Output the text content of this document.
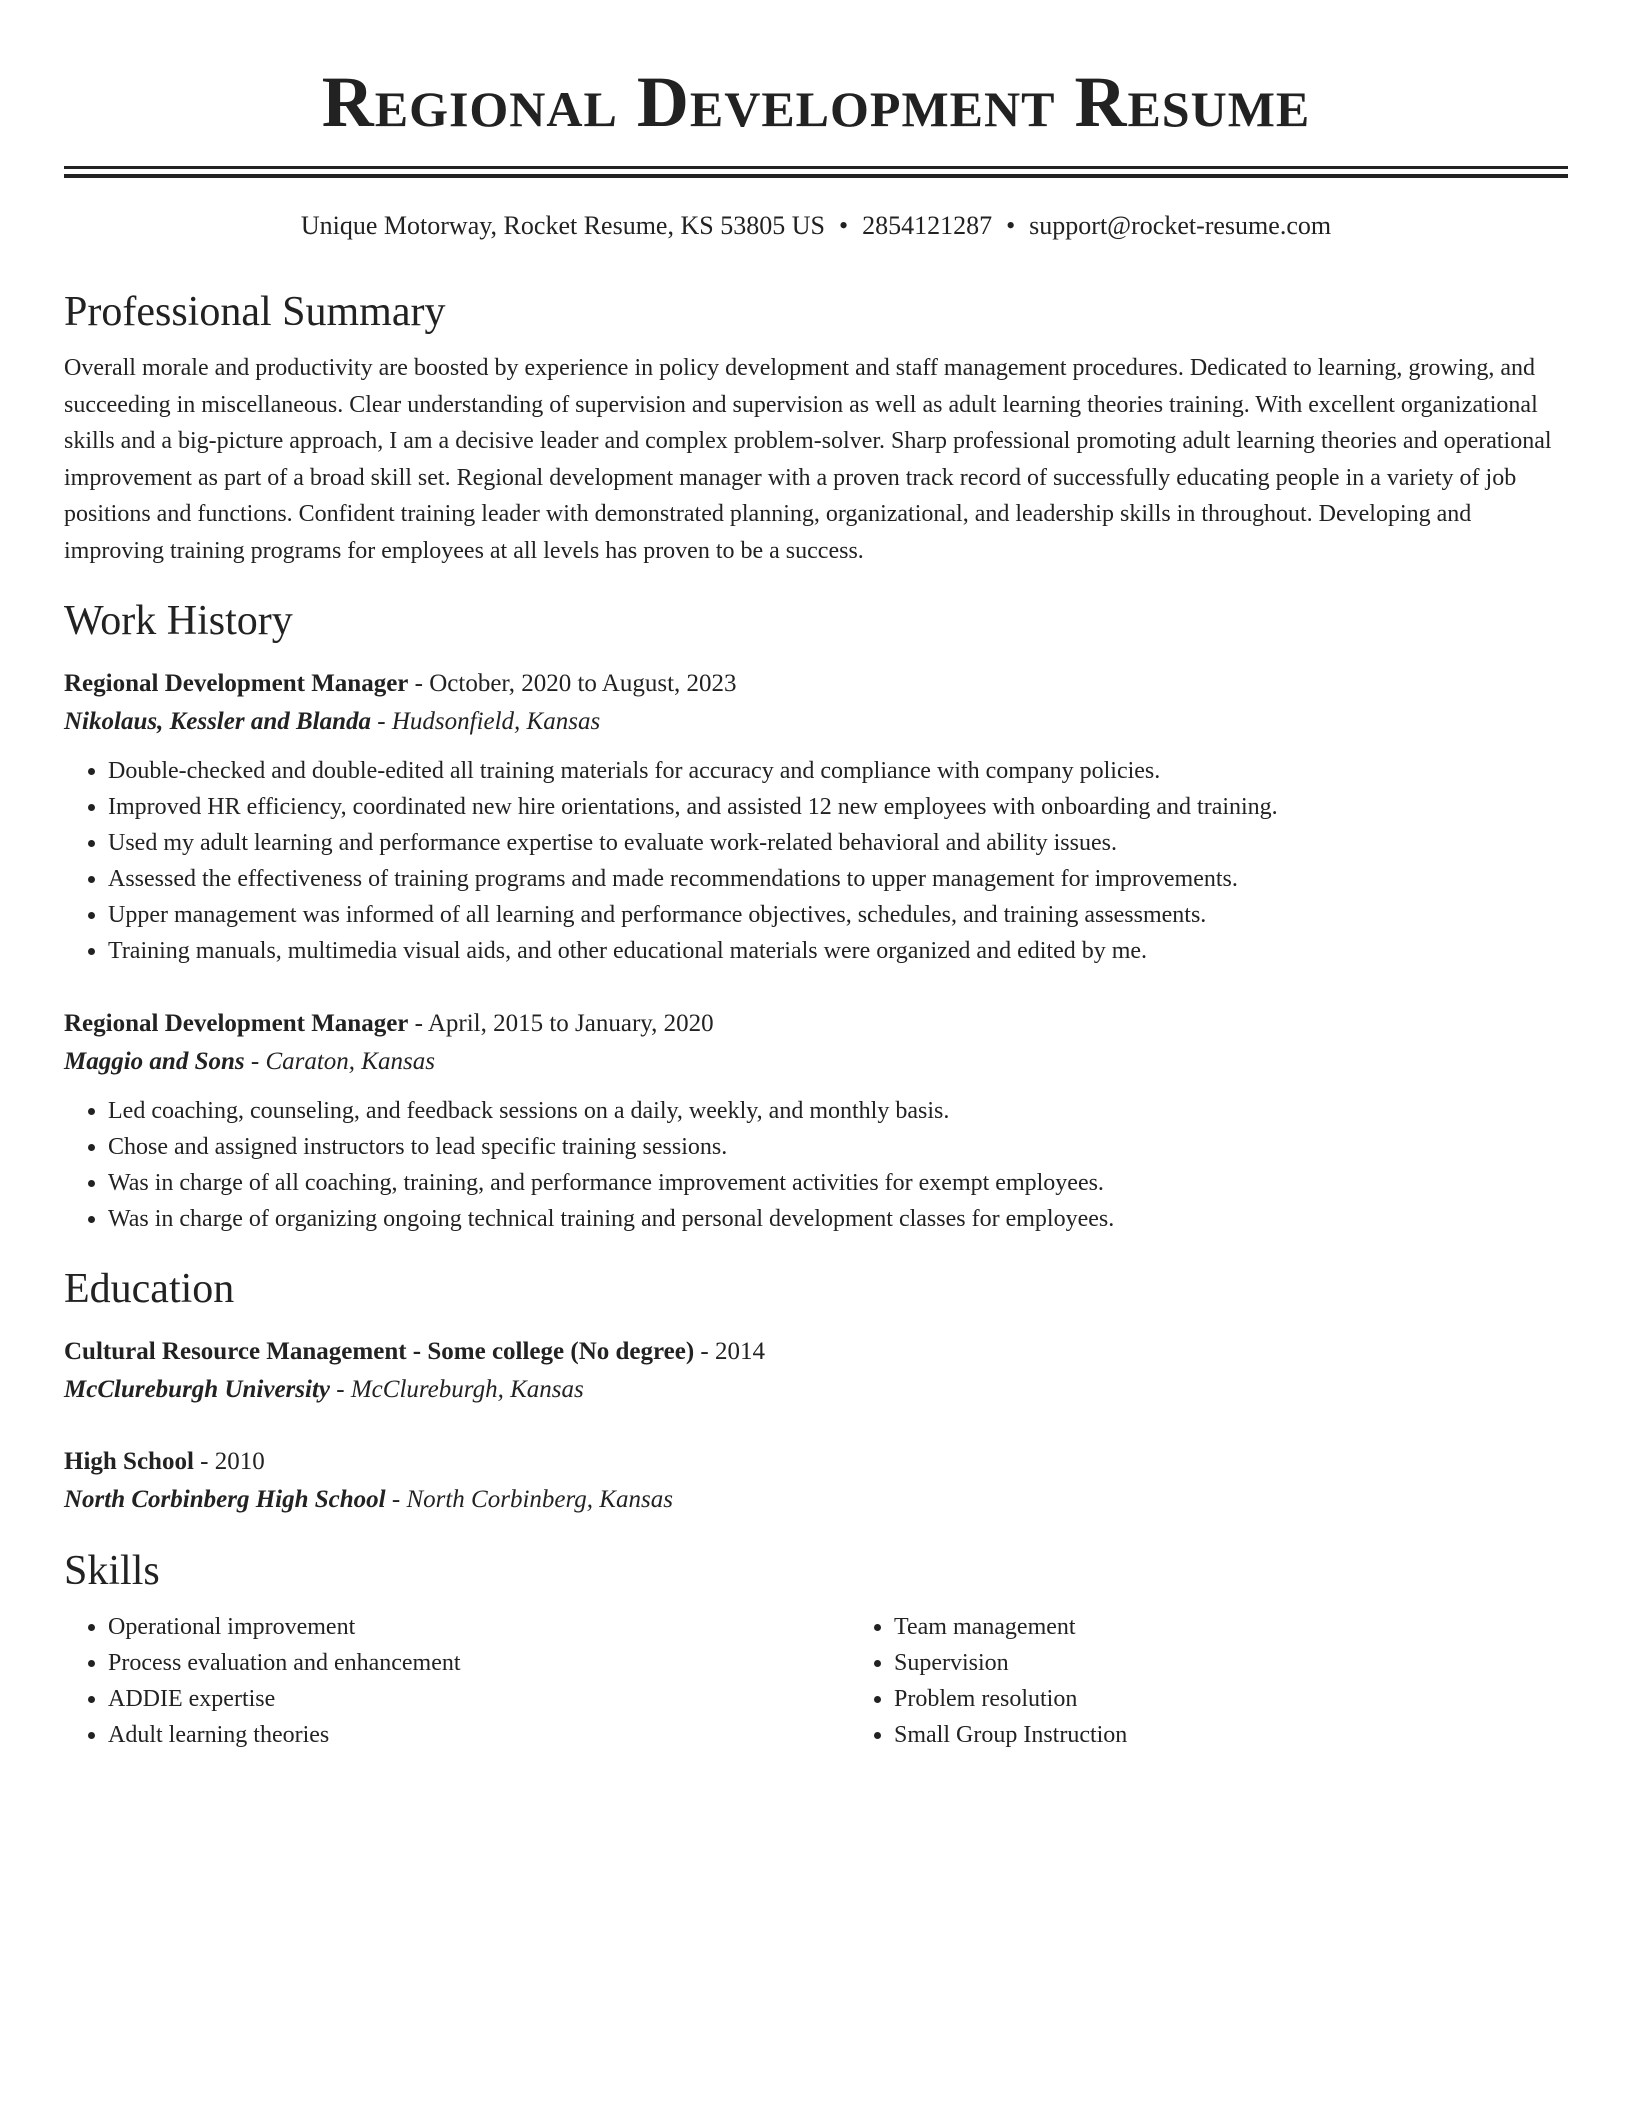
Regional Development Resume
Unique Motorway, Rocket Resume, KS 53805 US • 2854121287 • support@rocket-resume.com
Professional Summary
Overall morale and productivity are boosted by experience in policy development and staff management procedures. Dedicated to learning, growing, and succeeding in miscellaneous. Clear understanding of supervision and supervision as well as adult learning theories training. With excellent organizational skills and a big-picture approach, I am a decisive leader and complex problem-solver. Sharp professional promoting adult learning theories and operational improvement as part of a broad skill set. Regional development manager with a proven track record of successfully educating people in a variety of job positions and functions. Confident training leader with demonstrated planning, organizational, and leadership skills in throughout. Developing and improving training programs for employees at all levels has proven to be a success.
Work History
Regional Development Manager - October, 2020 to August, 2023
Nikolaus, Kessler and Blanda - Hudsonfield, Kansas
• Double-checked and double-edited all training materials for accuracy and compliance with company policies.
• Improved HR efficiency, coordinated new hire orientations, and assisted 12 new employees with onboarding and training.
• Used my adult learning and performance expertise to evaluate work-related behavioral and ability issues.
• Assessed the effectiveness of training programs and made recommendations to upper management for improvements.
• Upper management was informed of all learning and performance objectives, schedules, and training assessments.
• Training manuals, multimedia visual aids, and other educational materials were organized and edited by me.
Regional Development Manager - April, 2015 to January, 2020
Maggio and Sons - Caraton, Kansas
• Led coaching, counseling, and feedback sessions on a daily, weekly, and monthly basis.
• Chose and assigned instructors to lead specific training sessions.
• Was in charge of all coaching, training, and performance improvement activities for exempt employees.
• Was in charge of organizing ongoing technical training and personal development classes for employees.
Education
Cultural Resource Management - Some college (No degree) - 2014
McClureburgh University - McClureburgh, Kansas
High School - 2010
North Corbinberg High School - North Corbinberg, Kansas
Skills
• Operational improvement
• Process evaluation and enhancement
• ADDIE expertise
• Adult learning theories
• Team management
• Supervision
• Problem resolution
• Small Group Instruction
